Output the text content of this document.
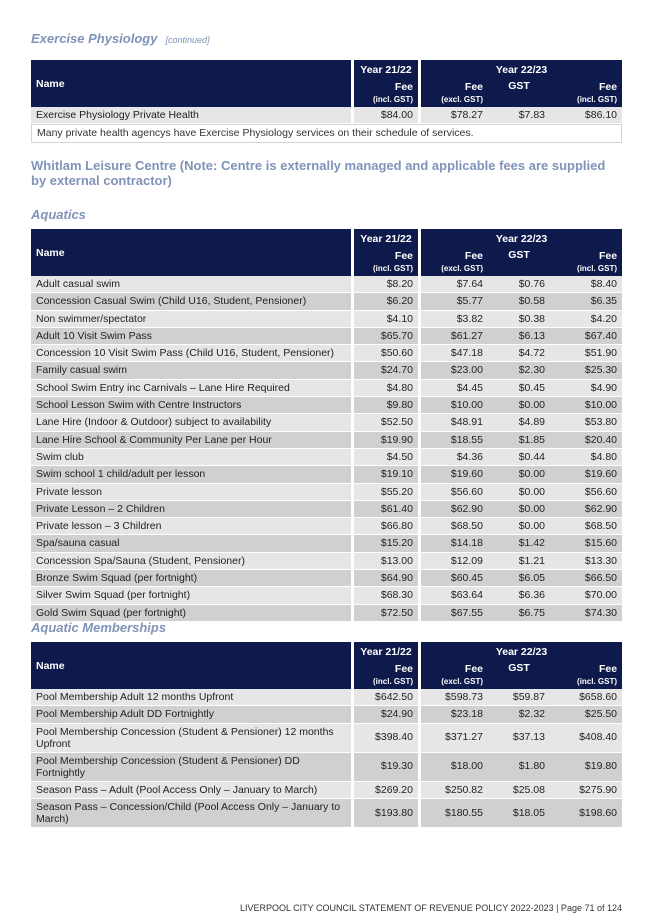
Exercise Physiology [continued]
Name	Year 21/22	Year 22/23		
	Fee	Fee	GST	Fee
	(incl. GST)	(excl. GST)		(incl. GST)
Exercise Physiology Private Health	$84.00	$78.27	$7.83	$86.10
Many private health agencys have Exercise Physiology services on their schedule of services.				
Whitlam Leisure Centre (Note: Centre is externally managed and applicable fees are supplied by external contractor)
Aquatics
Name	Year 21/22	Year 22/23		
	Fee	Fee	GST	Fee
	(incl. GST)	(excl. GST)		(incl. GST)
Adult casual swim	$8.20	$7.64	$0.76	$8.40
Concession Casual Swim (Child U16, Student, Pensioner)	$6.20	$5.77	$0.58	$6.35
Non swimmer/spectator	$4.10	$3.82	$0.38	$4.20
Adult 10 Visit Swim Pass	$65.70	$61.27	$6.13	$67.40
Concession 10 Visit Swim Pass (Child U16, Student, Pensioner)	$50.60	$47.18	$4.72	$51.90
Family casual swim	$24.70	$23.00	$2.30	$25.30
School Swim Entry inc Carnivals – Lane Hire Required	$4.80	$4.45	$0.45	$4.90
School Lesson Swim with Centre Instructors	$9.80	$10.00	$0.00	$10.00
Lane Hire (Indoor & Outdoor) subject to availability	$52.50	$48.91	$4.89	$53.80
Lane Hire School & Community Per Lane per Hour	$19.90	$18.55	$1.85	$20.40
Swim club	$4.50	$4.36	$0.44	$4.80
Swim school 1 child/adult per lesson	$19.10	$19.60	$0.00	$19.60
Private lesson	$55.20	$56.60	$0.00	$56.60
Private Lesson – 2 Children	$61.40	$62.90	$0.00	$62.90
Private lesson – 3 Children	$66.80	$68.50	$0.00	$68.50
Spa/sauna casual	$15.20	$14.18	$1.42	$15.60
Concession Spa/Sauna (Student, Pensioner)	$13.00	$12.09	$1.21	$13.30
Bronze Swim Squad (per fortnight)	$64.90	$60.45	$6.05	$66.50
Silver Swim Squad (per fortnight)	$68.30	$63.64	$6.36	$70.00
Gold Swim Squad (per fortnight)	$72.50	$67.55	$6.75	$74.30
Aquatic Memberships
Name	Year 21/22	Year 22/23		
	Fee	Fee	GST	Fee
	(incl. GST)	(excl. GST)		(incl. GST)
Pool Membership Adult 12 months Upfront	$642.50	$598.73	$59.87	$658.60
Pool Membership Adult DD Fortnightly	$24.90	$23.18	$2.32	$25.50
Pool Membership Concession (Student & Pensioner) 12 months Upfront	$398.40	$371.27	$37.13	$408.40
Pool Membership Concession (Student & Pensioner) DD Fortnightly	$19.30	$18.00	$1.80	$19.80
Season Pass – Adult (Pool Access Only – January to March)	$269.20	$250.82	$25.08	$275.90
Season Pass – Concession/Child (Pool Access Only – January to March)	$193.80	$180.55	$18.05	$198.60
LIVERPOOL CITY COUNCIL STATEMENT OF REVENUE POLICY 2022-2023 | Page 71 of 124
